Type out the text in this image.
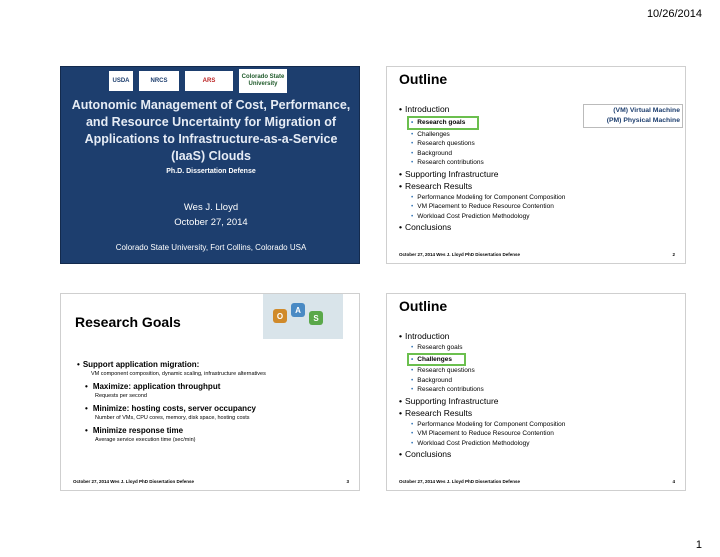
10/26/2014
USDA	NRCS	ARS
Colorado State University
Autonomic Management of Cost, Performance, and Resource Uncertainty for Migration of Applications to Infrastructure-as-a-Service (IaaS) Clouds
Ph.D. Dissertation Defense
Wes J. Lloyd
October 27, 2014
Colorado State University, Fort Collins, Colorado USA
Outline
(VM) Virtual Machine
(PM) Physical Machine
• Introduction
• Research goals
• Challenges
• Research questions
• Background
• Research contributions
• Supporting Infrastructure
• Research Results
• Performance Modeling for Component Composition
• VM Placement to Reduce Resource Contention
• Workload Cost Prediction Methodology
• Conclusions
October 27, 2014 Wes J. Lloyd PhD Dissertation Defense	2
O
A
S
Research Goals
• Support application migration:
VM component composition, dynamic scaling, infrastructure alternatives
• Maximize: application throughput
Requests per second
• Minimize: hosting costs, server occupancy
Number of VMs, CPU cores, memory, disk space, hosting costs
• Minimize response time
Average service execution time (sec/min)
October 27, 2014 Wes J. Lloyd PhD Dissertation Defense	3
Outline
• Introduction
• Research goals
• Challenges
• Research questions
• Background
• Research contributions
• Supporting Infrastructure
• Research Results
• Performance Modeling for Component Composition
• VM Placement to Reduce Resource Contention
• Workload Cost Prediction Methodology
• Conclusions
October 27, 2014 Wes J. Lloyd PhD Dissertation Defense	4
1
